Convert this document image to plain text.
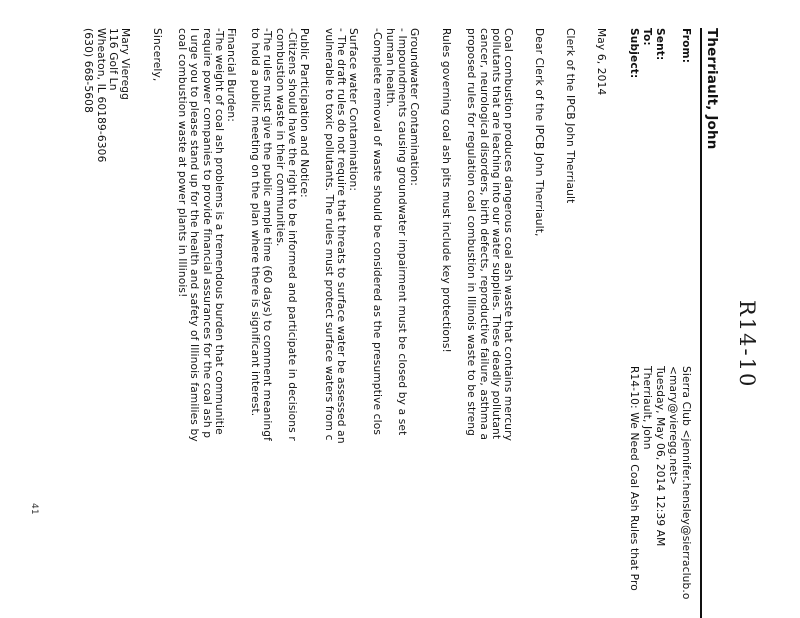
R14-10
Therriault, John
From:
Sierra Club <jennifer.hensley@sierraclub.o
<mary@vieregg.net>
Sent:
Tuesday, May 06, 2014 12:39 AM
To:
Therriault, John
Subject:
R14-10: We Need Coal Ash Rules that Pro
May 6, 2014
Clerk of the IPCB John Therriault
Dear Clerk of the IPCB John Therriault,

Coal combustion produces dangerous coal ash waste that contains mercury

pollutants that are leaching into our water supplies. These deadly pollutant

cancer, neurological disorders, birth defects, reproductive failure, asthma a

proposed rules for regulation coal combustion in Illinois waste to be streng

Rules governing coal ash pits must include key protections!

Groundwater Contamination:

- Impoundments causing groundwater impairment must be closed by a set

human health.

-Complete removal of waste should be considered as the presumptive clos

Surface water Contamination:

- The draft rules do not require that threats to surface water be assessed an

vulnerable to toxic pollutants. The rules must protect surface waters from c

Public Participation and Notice:

-Citizens should have the right to be informed and participate in decisions r

combustion waste in their communities.

-The rules must give the public ample time (60 days) to comment meaningf

to hold a public meeting on the plan where there is significant interest.

Financial Burden:

-The weight of coal ash problems is a tremendous burden that communitie

require power companies to provide financial assurances for the coal ash p

I urge you to please stand up for the health and safety of Illinois families by

coal combustion waste at power plants in Illinois!

Sincerely,

Mary Vieregg

116 Golf Ln

Wheaton, IL 60189-6306

(630) 668-5608

41
